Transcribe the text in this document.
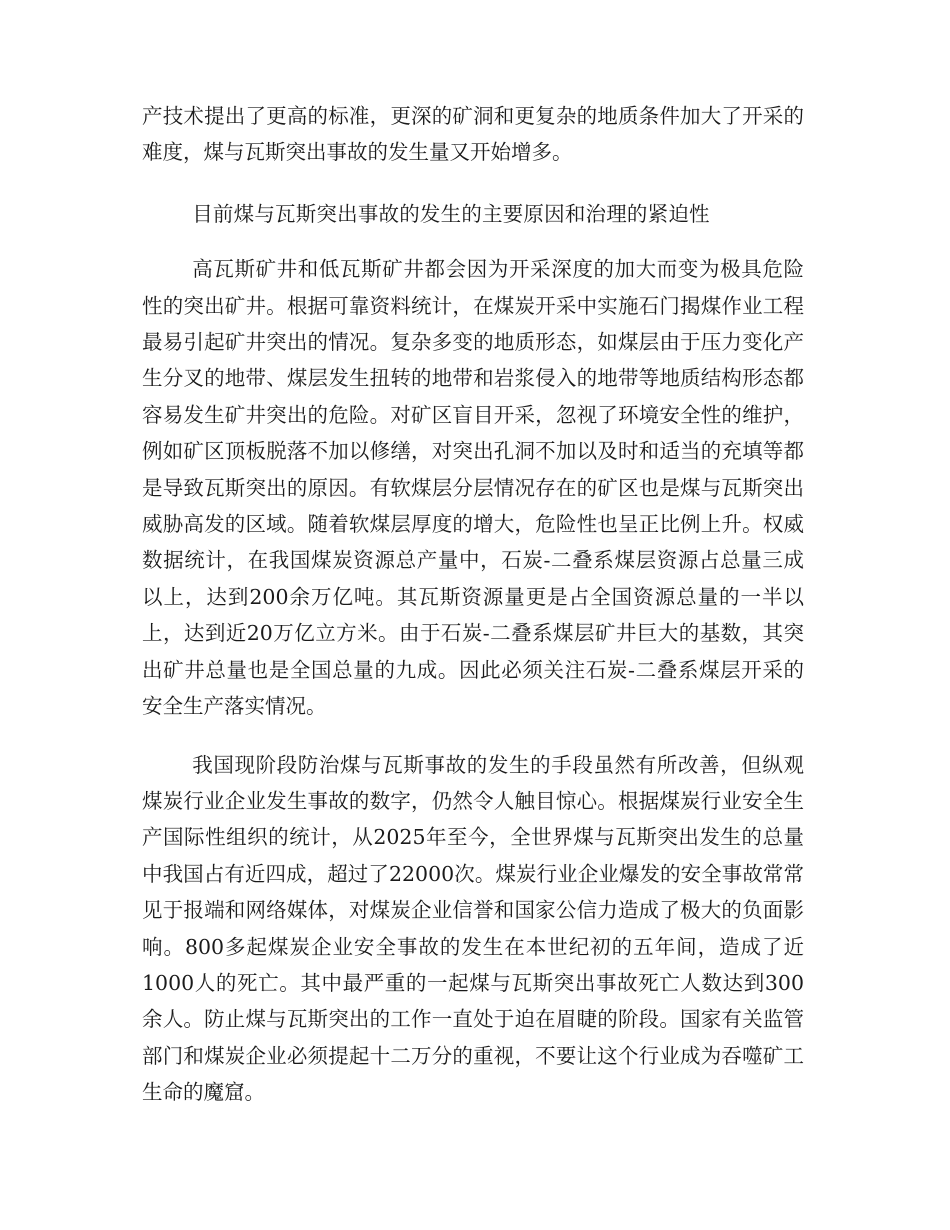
产技术提出了更高的标准，更深的矿洞和更复杂的地质条件加大了开采的难度，煤与瓦斯突出事故的发生量又开始增多。

目前煤与瓦斯突出事故的发生的主要原因和治理的紧迫性

高瓦斯矿井和低瓦斯矿井都会因为开采深度的加大而变为极具危险性的突出矿井。根据可靠资料统计，在煤炭开采中实施石门揭煤作业工程最易引起矿井突出的情况。复杂多变的地质形态，如煤层由于压力变化产生分叉的地带、煤层发生扭转的地带和岩浆侵入的地带等地质结构形态都容易发生矿井突出的危险。对矿区盲目开采，忽视了环境安全性的维护，例如矿区顶板脱落不加以修缮，对突出孔洞不加以及时和适当的充填等都是导致瓦斯突出的原因。有软煤层分层情况存在的矿区也是煤与瓦斯突出威胁高发的区域。随着软煤层厚度的增大，危险性也呈正比例上升。权威数据统计，在我国煤炭资源总产量中，石炭-二叠系煤层资源占总量三成以上，达到200余万亿吨。其瓦斯资源量更是占全国资源总量的一半以上，达到近20万亿立方米。由于石炭-二叠系煤层矿井巨大的基数，其突出矿井总量也是全国总量的九成。因此必须关注石炭-二叠系煤层开采的安全生产落实情况。

我国现阶段防治煤与瓦斯事故的发生的手段虽然有所改善，但纵观煤炭行业企业发生事故的数字，仍然令人触目惊心。根据煤炭行业安全生产国际性组织的统计，从2025年至今，全世界煤与瓦斯突出发生的总量中我国占有近四成，超过了22000次。煤炭行业企业爆发的安全事故常常见于报端和网络媒体，对煤炭企业信誉和国家公信力造成了极大的负面影响。800多起煤炭企业安全事故的发生在本世纪初的五年间，造成了近1000人的死亡。其中最严重的一起煤与瓦斯突出事故死亡人数达到300余人。防止煤与瓦斯突出的工作一直处于迫在眉睫的阶段。国家有关监管部门和煤炭企业必须提起十二万分的重视，不要让这个行业成为吞噬矿工生命的魔窟。
